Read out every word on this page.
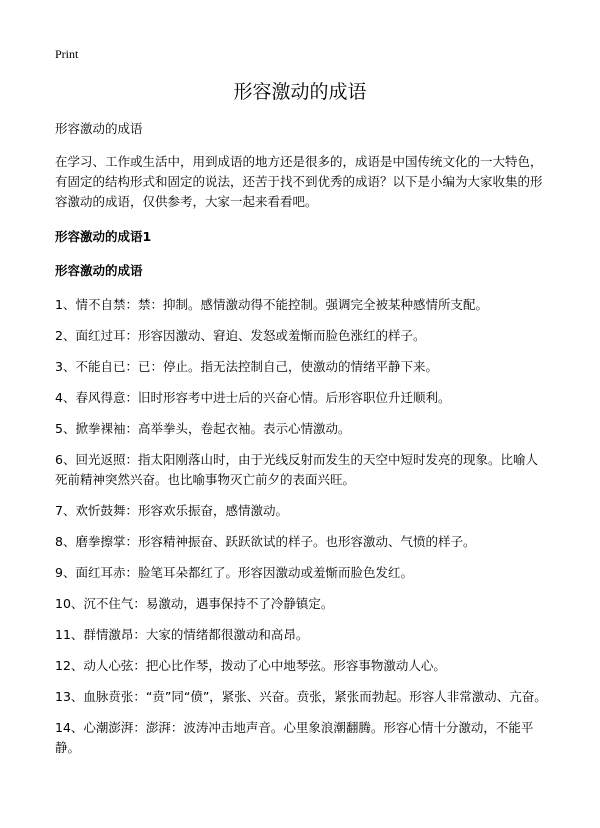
Print
形容激动的成语

形容激动的成语

在学习、工作或生活中，用到成语的地方还是很多的，成语是中国传统文化的一大特色，有固定的结构形式和固定的说法，还苦于找不到优秀的成语？以下是小编为大家收集的形容激动的成语，仅供参考，大家一起来看看吧。

形容激动的成语1

形容激动的成语

1、情不自禁：禁：抑制。感情激动得不能控制。强调完全被某种感情所支配。

2、面红过耳：形容因激动、窘迫、发怒或羞惭而脸色涨红的样子。

3、不能自已：已：停止。指无法控制自己，使激动的情绪平静下来。

4、春风得意：旧时形容考中进士后的兴奋心情。后形容职位升迁顺利。

5、掀拳裸袖：高举拳头，卷起衣袖。表示心情激动。

6、回光返照：指太阳刚落山时，由于光线反射而发生的天空中短时发亮的现象。比喻人死前精神突然兴奋。也比喻事物灭亡前夕的表面兴旺。

7、欢忻鼓舞：形容欢乐振奋，感情激动。

8、磨拳擦掌：形容精神振奋、跃跃欲试的样子。也形容激动、气愤的样子。

9、面红耳赤：脸笔耳朵都红了。形容因激动或羞惭而脸色发红。

10、沉不住气：易激动，遇事保持不了冷静镇定。

11、群情激昂：大家的情绪都很激动和高昂。

12、动人心弦：把心比作琴，拨动了心中地琴弦。形容事物激动人心。

13、血脉贲张：“贲”同“偾”，紧张、兴奋。贲张，紧张而勃起。形容人非常激动、亢奋。

14、心潮澎湃：澎湃：波涛冲击地声音。心里象浪潮翻腾。形容心情十分激动，不能平静。
